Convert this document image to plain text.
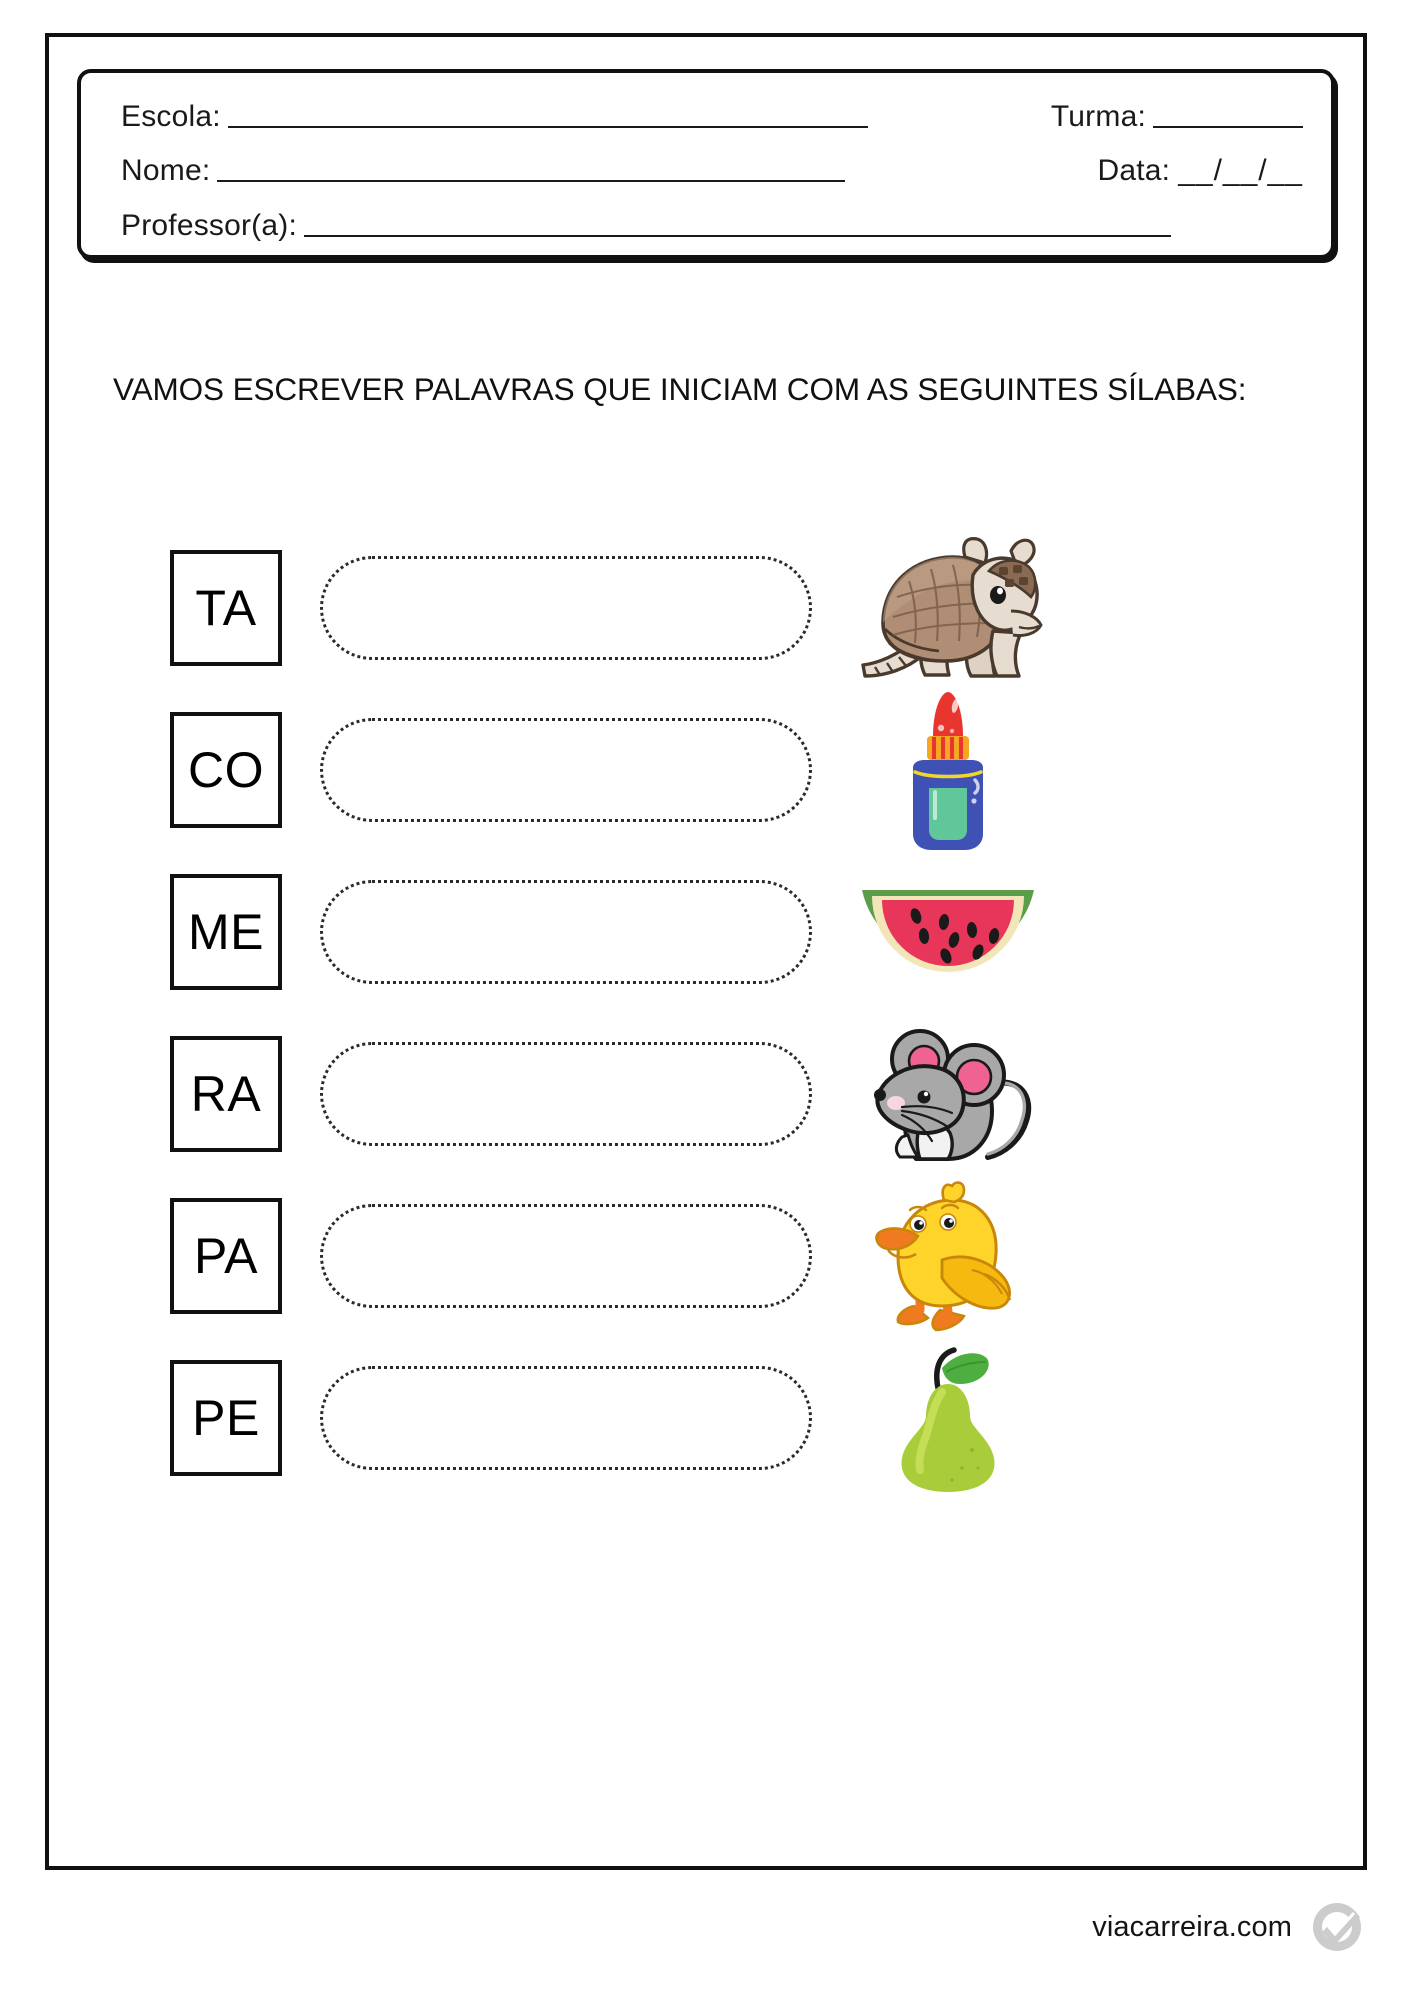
Escola:	Turma:
Nome:	Data: __/__/__
Professor(a):
VAMOS ESCREVER PALAVRAS QUE INICIAM COM AS SEGUINTES SÍLABAS:
TA
CO
ME
RA
PA
PE
viacarreira.com
